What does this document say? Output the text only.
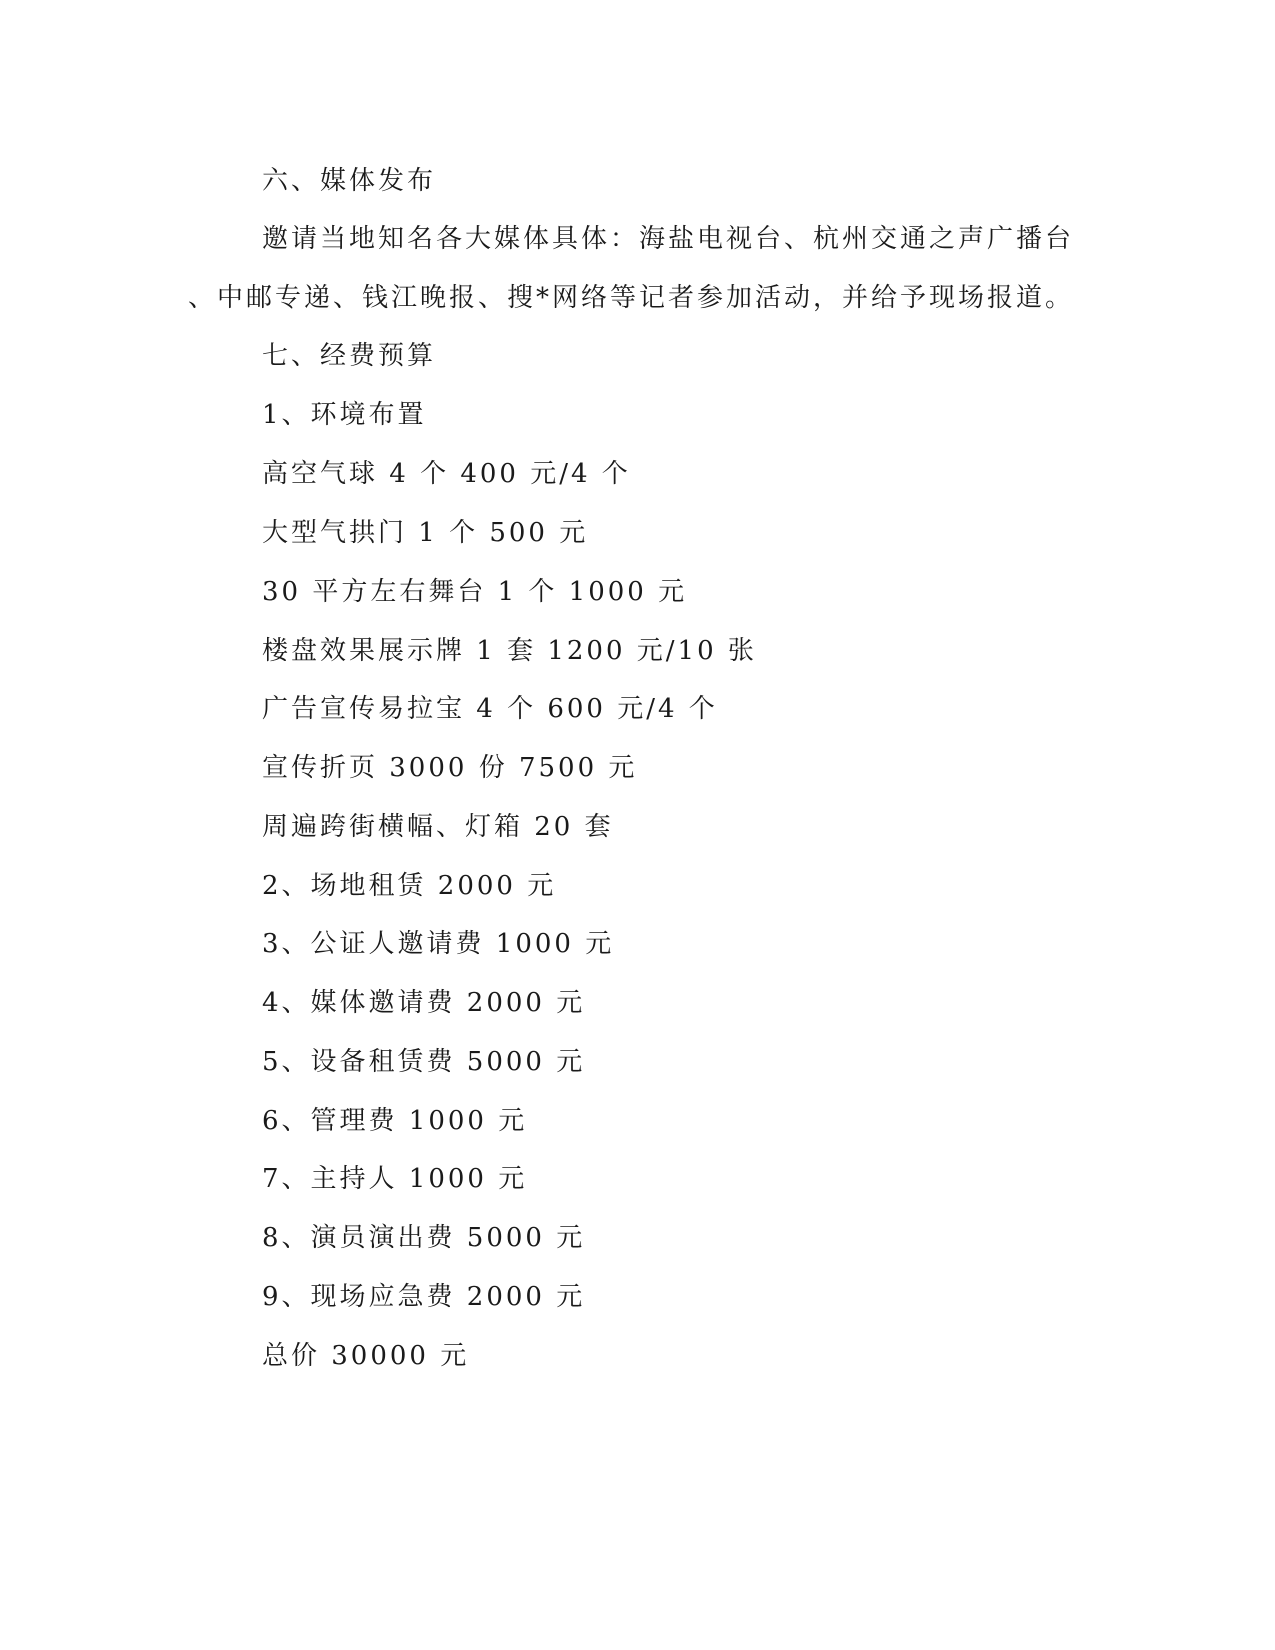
六、媒体发布
邀请当地知名各大媒体具体：海盐电视台、杭州交通之声广播台
、中邮专递、钱江晚报、搜*网络等记者参加活动，并给予现场报道。
七、经费预算
1、环境布置
高空气球 4 个 400 元/4 个
大型气拱门 1 个 500 元
30 平方左右舞台 1 个 1000 元
楼盘效果展示牌 1 套 1200 元/10 张
广告宣传易拉宝 4 个 600 元/4 个
宣传折页 3000 份 7500 元
周遍跨街横幅、灯箱 20 套
2、场地租赁 2000 元
3、公证人邀请费 1000 元
4、媒体邀请费 2000 元
5、设备租赁费 5000 元
6、管理费 1000 元
7、主持人 1000 元
8、演员演出费 5000 元
9、现场应急费 2000 元
总价 30000 元
